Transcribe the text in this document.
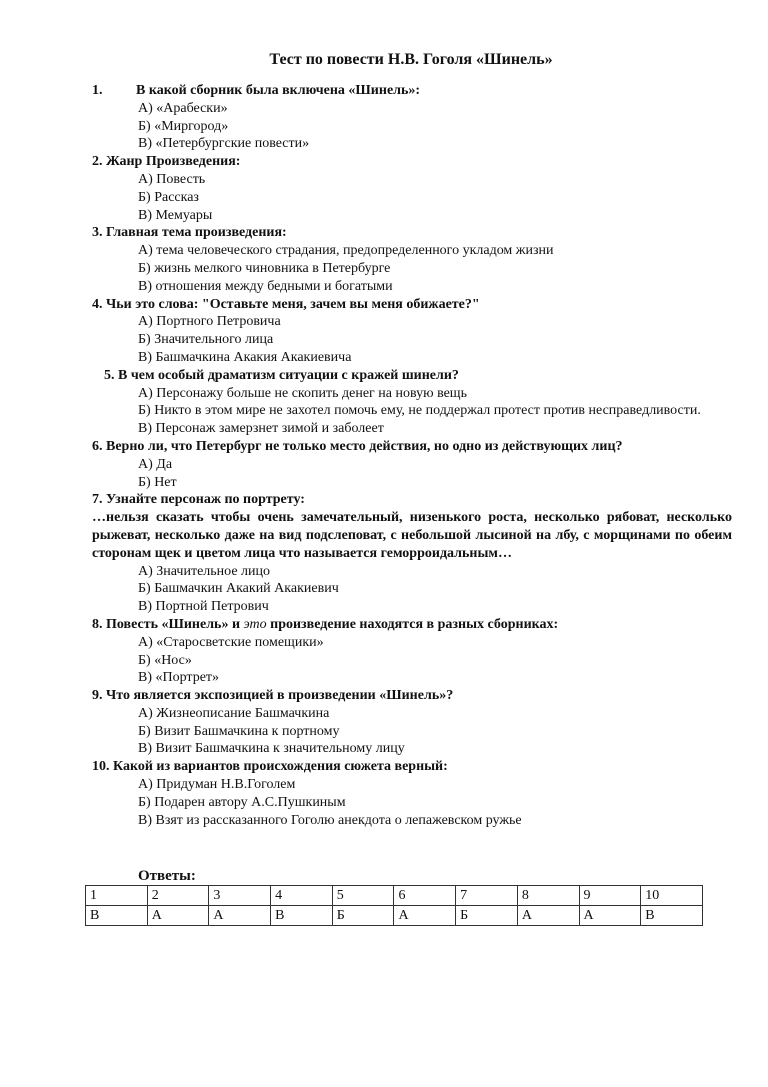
Тест по повести Н.В. Гоголя «Шинель»
1. В какой сборник была включена «Шинель»:
А) «Арабески»
Б) «Миргород»
В) «Петербургские повести»
2. Жанр Произведения:
А) Повесть
Б) Рассказ
В) Мемуары
3. Главная тема произведения:
А) тема человеческого страдания, предопределенного укладом жизни
Б) жизнь мелкого чиновника в Петербурге
В) отношения между бедными и богатыми
4. Чьи это слова: "Оставьте меня, зачем вы меня обижаете?"
А) Портного Петровича
Б) Значительного лица
В) Башмачкина Акакия Акакиевича
5. В чем особый драматизм ситуации с кражей шинели?
А) Персонажу больше не скопить денег на новую вещь
Б) Никто в этом мире не захотел помочь ему, не поддержал протест против несправедливости.
В) Персонаж замерзнет зимой и заболеет
6. Верно ли, что Петербург не только место действия, но одно из действующих лиц?
А) Да
Б) Нет
7. Узнайте персонаж по портрету:
…нельзя сказать чтобы очень замечательный, низенького роста, несколько рябоват, несколько рыжеват, несколько даже на вид подслеповат, с небольшой лысиной на лбу, с морщинами по обеим сторонам щек и цветом лица что называется геморроидальным…
А) Значительное лицо
Б) Башмачкин Акакий Акакиевич
В) Портной Петрович
8. Повесть «Шинель» и это произведение находятся в разных сборниках:
А) «Старосветские помещики»
Б) «Нос»
В) «Портрет»
9. Что является экспозицией в произведении «Шинель»?
А) Жизнеописание Башмачкина
Б) Визит Башмачкина к портному
В) Визит Башмачкина к значительному лицу
10. Какой из вариантов происхождения сюжета верный:
А) Придуман Н.В.Гоголем
Б) Подарен автору А.С.Пушкиным
В) Взят из рассказанного Гоголю анекдота о лепажевском ружье
Ответы:
1	2	3	4	5	6	7	8	9	10
В	А	А	В	Б	А	Б	А	А	В
